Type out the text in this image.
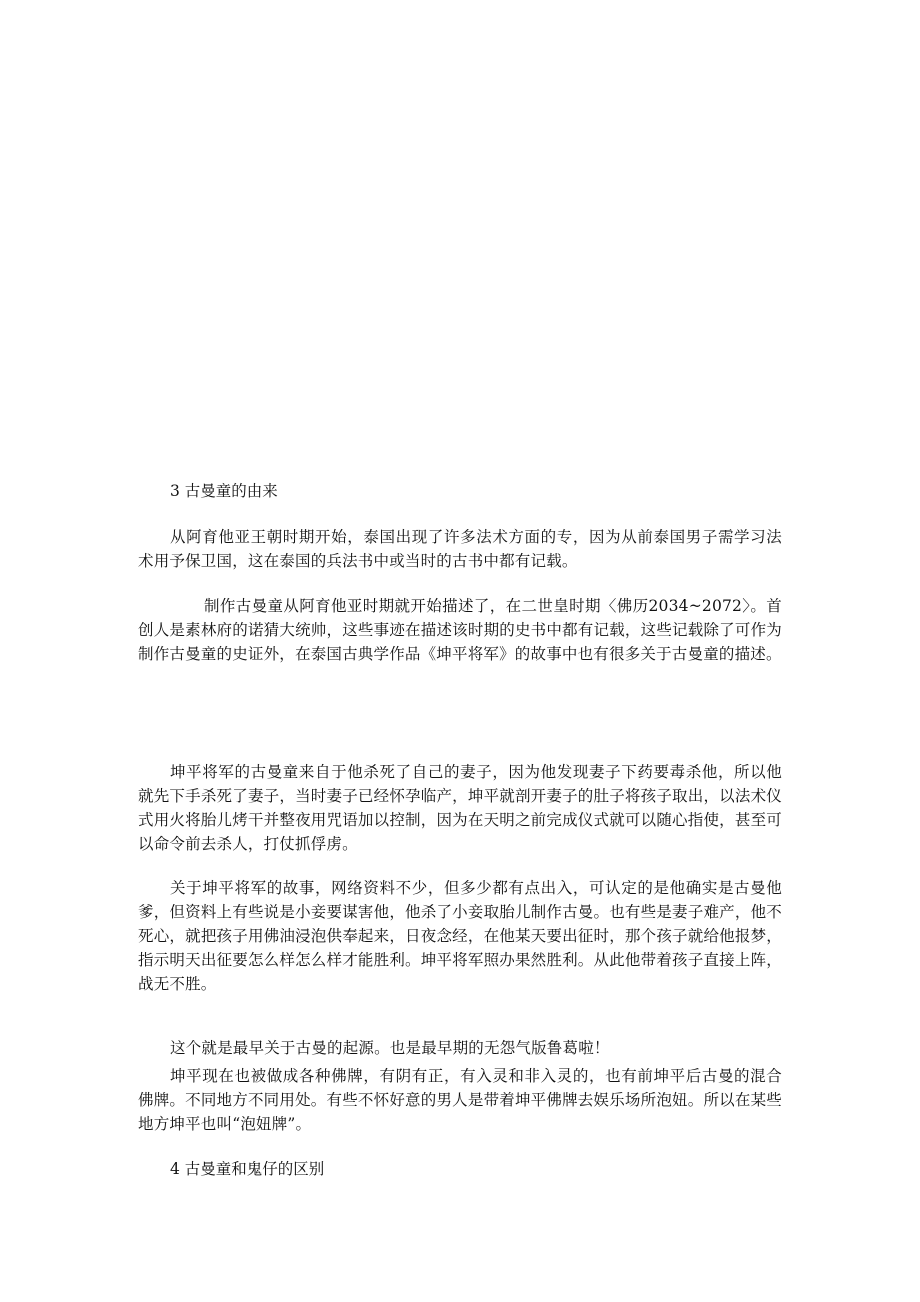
3 古曼童的由来
从阿育他亚王朝时期开始，泰国出现了许多法术方面的专，因为从前泰国男子需学习法术用予保卫国，这在泰国的兵法书中或当时的古书中都有记载。
制作古曼童从阿育他亚时期就开始描述了，在二世皇时期〈佛历2034~2072〉。首创人是素林府的诺猜大统帅，这些事迹在描述该时期的史书中都有记载，这些记载除了可作为制作古曼童的史证外，在泰国古典学作品《坤平将军》的故事中也有很多关于古曼童的描述。
坤平将军的古曼童来自于他杀死了自己的妻子，因为他发现妻子下药要毒杀他，所以他就先下手杀死了妻子，当时妻子已经怀孕临产，坤平就剖开妻子的肚子将孩子取出，以法术仪式用火将胎儿烤干并整夜用咒语加以控制，因为在天明之前完成仪式就可以随心指使，甚至可以命令前去杀人，打仗抓俘虏。
关于坤平将军的故事，网络资料不少，但多少都有点出入，可认定的是他确实是古曼他爹，但资料上有些说是小妾要谋害他，他杀了小妾取胎儿制作古曼。也有些是妻子难产，他不死心，就把孩子用佛油浸泡供奉起来，日夜念经，在他某天要出征时，那个孩子就给他报梦，指示明天出征要怎么样怎么样才能胜利。坤平将军照办果然胜利。从此他带着孩子直接上阵，战无不胜。
这个就是最早关于古曼的起源。也是最早期的无怨气版鲁葛啦！
坤平现在也被做成各种佛牌，有阴有正，有入灵和非入灵的，也有前坤平后古曼的混合佛牌。不同地方不同用处。有些不怀好意的男人是带着坤平佛牌去娱乐场所泡妞。所以在某些地方坤平也叫“泡妞牌”。
4 古曼童和鬼仔的区别
